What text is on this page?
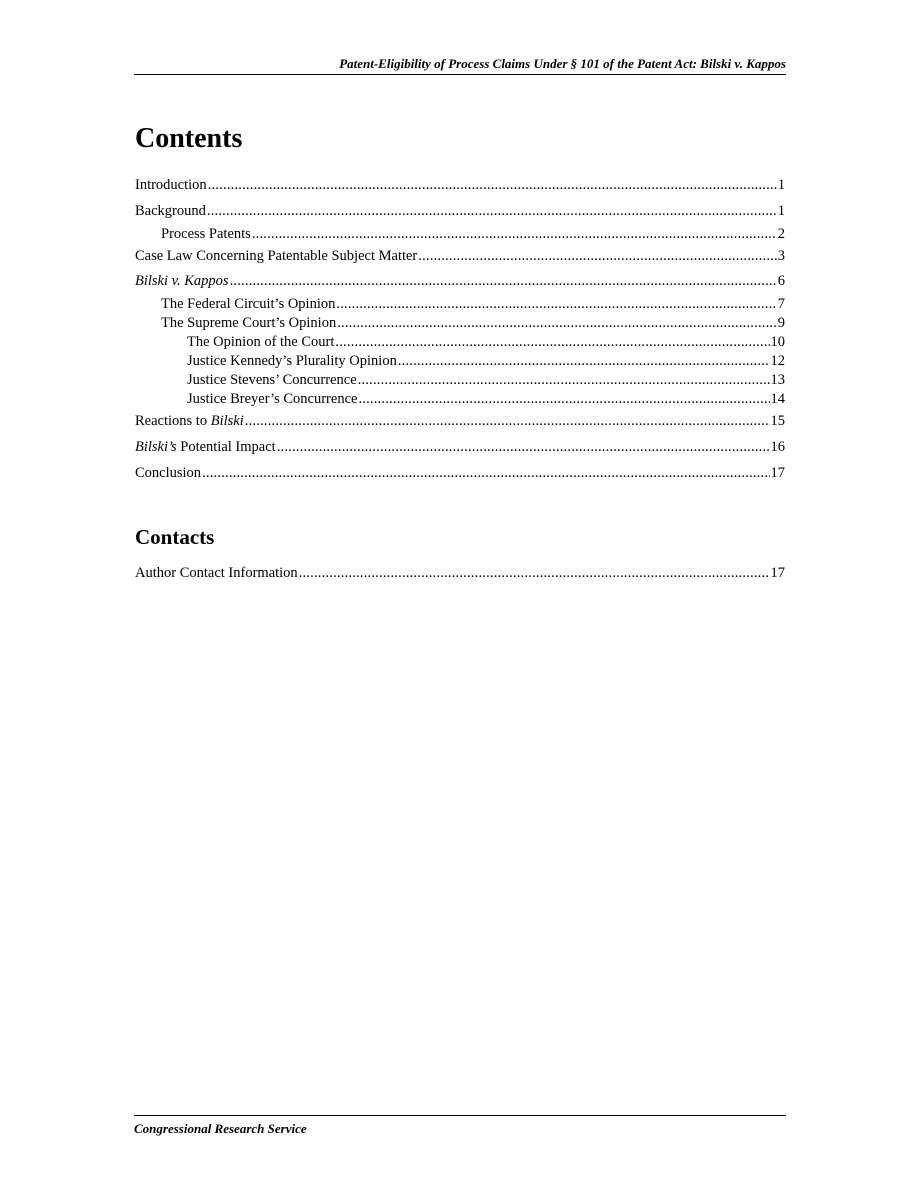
Patent-Eligibility of Process Claims Under § 101 of the Patent Act: Bilski v. Kappos
Contents
Introduction .....	1
Background .....	1
Process Patents .....	2
Case Law Concerning Patentable Subject Matter .....	3
Bilski v. Kappos .....	6
The Federal Circuit’s Opinion .....	7
The Supreme Court’s Opinion .....	9
The Opinion of the Court .....	10
Justice Kennedy’s Plurality Opinion .....	12
Justice Stevens’ Concurrence .....	13
Justice Breyer’s Concurrence .....	14
Reactions to Bilski .....	15
Bilski’s Potential Impact .....	16
Conclusion .....	17
Contacts
Author Contact Information .....	17
Congressional Research Service
